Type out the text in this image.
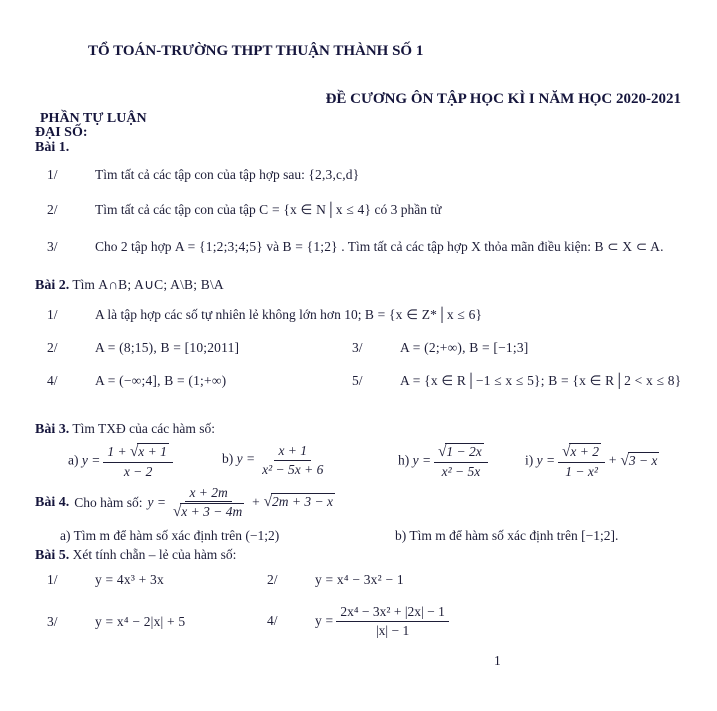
TỔ TOÁN-TRƯỜNG THPT THUẬN THÀNH SỐ 1
ĐỀ CƯƠNG ÔN TẬP HỌC KÌ I NĂM HỌC 2020-2021
PHẦN TỰ LUẬN
ĐẠI SỐ:
Bài 1.
1/	Tìm tất cả các tập con của tập hợp sau: {2,3,c,d}
2/	Tìm tất cả các tập con của tập C = {x ∈ N│x ≤ 4} có 3 phần tử
3/	Cho 2 tập hợp A = {1;2;3;4;5} và B = {1;2} . Tìm tất cả các tập hợp X thỏa mãn điều kiện: B ⊂ X ⊂ A.
Bài 2. Tìm A∩B; A∪C; A\B; B\A
1/	A là tập hợp các số tự nhiên lẻ không lớn hơn 10; B = {x ∈ Z*│x ≤ 6}
2/	A = (8;15), B = [10;2011]	3/	A = (2;+∞), B = [−1;3]
4/	A = (−∞;4], B = (1;+∞)	5/	A = {x ∈ R│−1 ≤ x ≤ 5}; B = {x ∈ R│2 < x ≤ 8}
Bài 3. Tìm TXĐ của các hàm số:
a) $y = \frac{1 + √ x + 1}{x - 2}$	b) $y = \frac{x + 1}{\text{x² − 5x + 6}}$	h) y = √ $\frac{1 - 2x}{\text{x² − 5x}}$	i) y = √ $\frac{x + 2}{\text{1 − x²}}$ + √ 3 − x
Bài 4. Cho hàm số: y = x + 2m
√ x + 3 − 4m + √ 2m + 3 − x
a) Tìm m để hàm số xác định trên (−1;2)	b) Tìm m để hàm số xác định trên [−1;2].
Bài 5. Xét tính chẵn – lẻ của hàm số:
1/	y = 4x³ + 3x	2/	y = x⁴ − 3x² − 1
3/	y = x⁴ − 2|x| + 5	4/	$y = \frac{\text{2x⁴ − 3x² + |2x| − 1}}{|x| - 1}$
1
